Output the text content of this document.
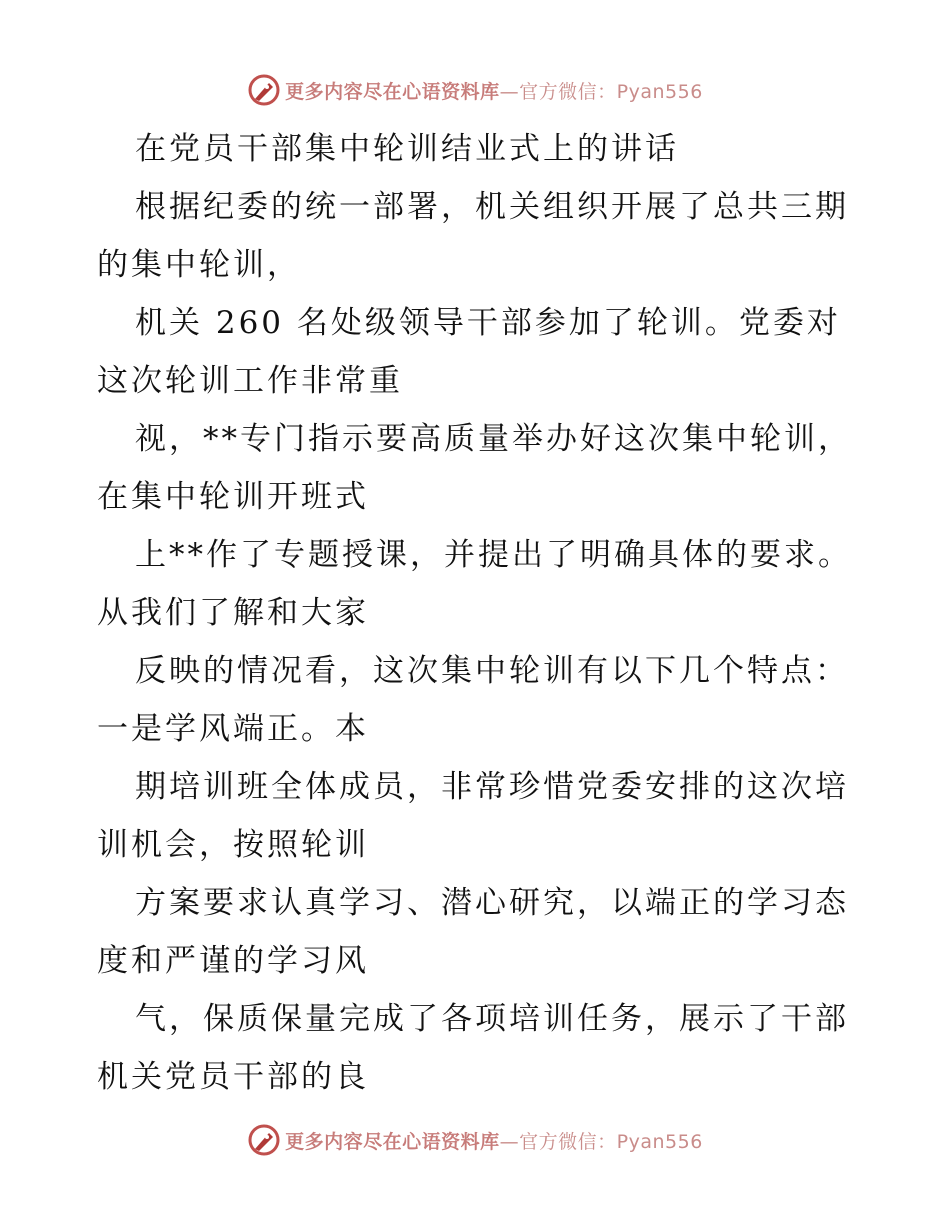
更多内容尽在心语资料库—官方微信：Pyan556
在党员干部集中轮训结业式上的讲话
根据纪委的统一部署，机关组织开展了总共三期
的集中轮训，
机关 260 名处级领导干部参加了轮训。党委对
这次轮训工作非常重
视，**专门指示要高质量举办好这次集中轮训，
在集中轮训开班式
上**作了专题授课，并提出了明确具体的要求。
从我们了解和大家
反映的情况看，这次集中轮训有以下几个特点：
一是学风端正。本
期培训班全体成员，非常珍惜党委安排的这次培
训机会，按照轮训
方案要求认真学习、潜心研究，以端正的学习态
度和严谨的学习风
气，保质保量完成了各项培训任务，展示了干部
机关党员干部的良
更多内容尽在心语资料库—官方微信：Pyan556
